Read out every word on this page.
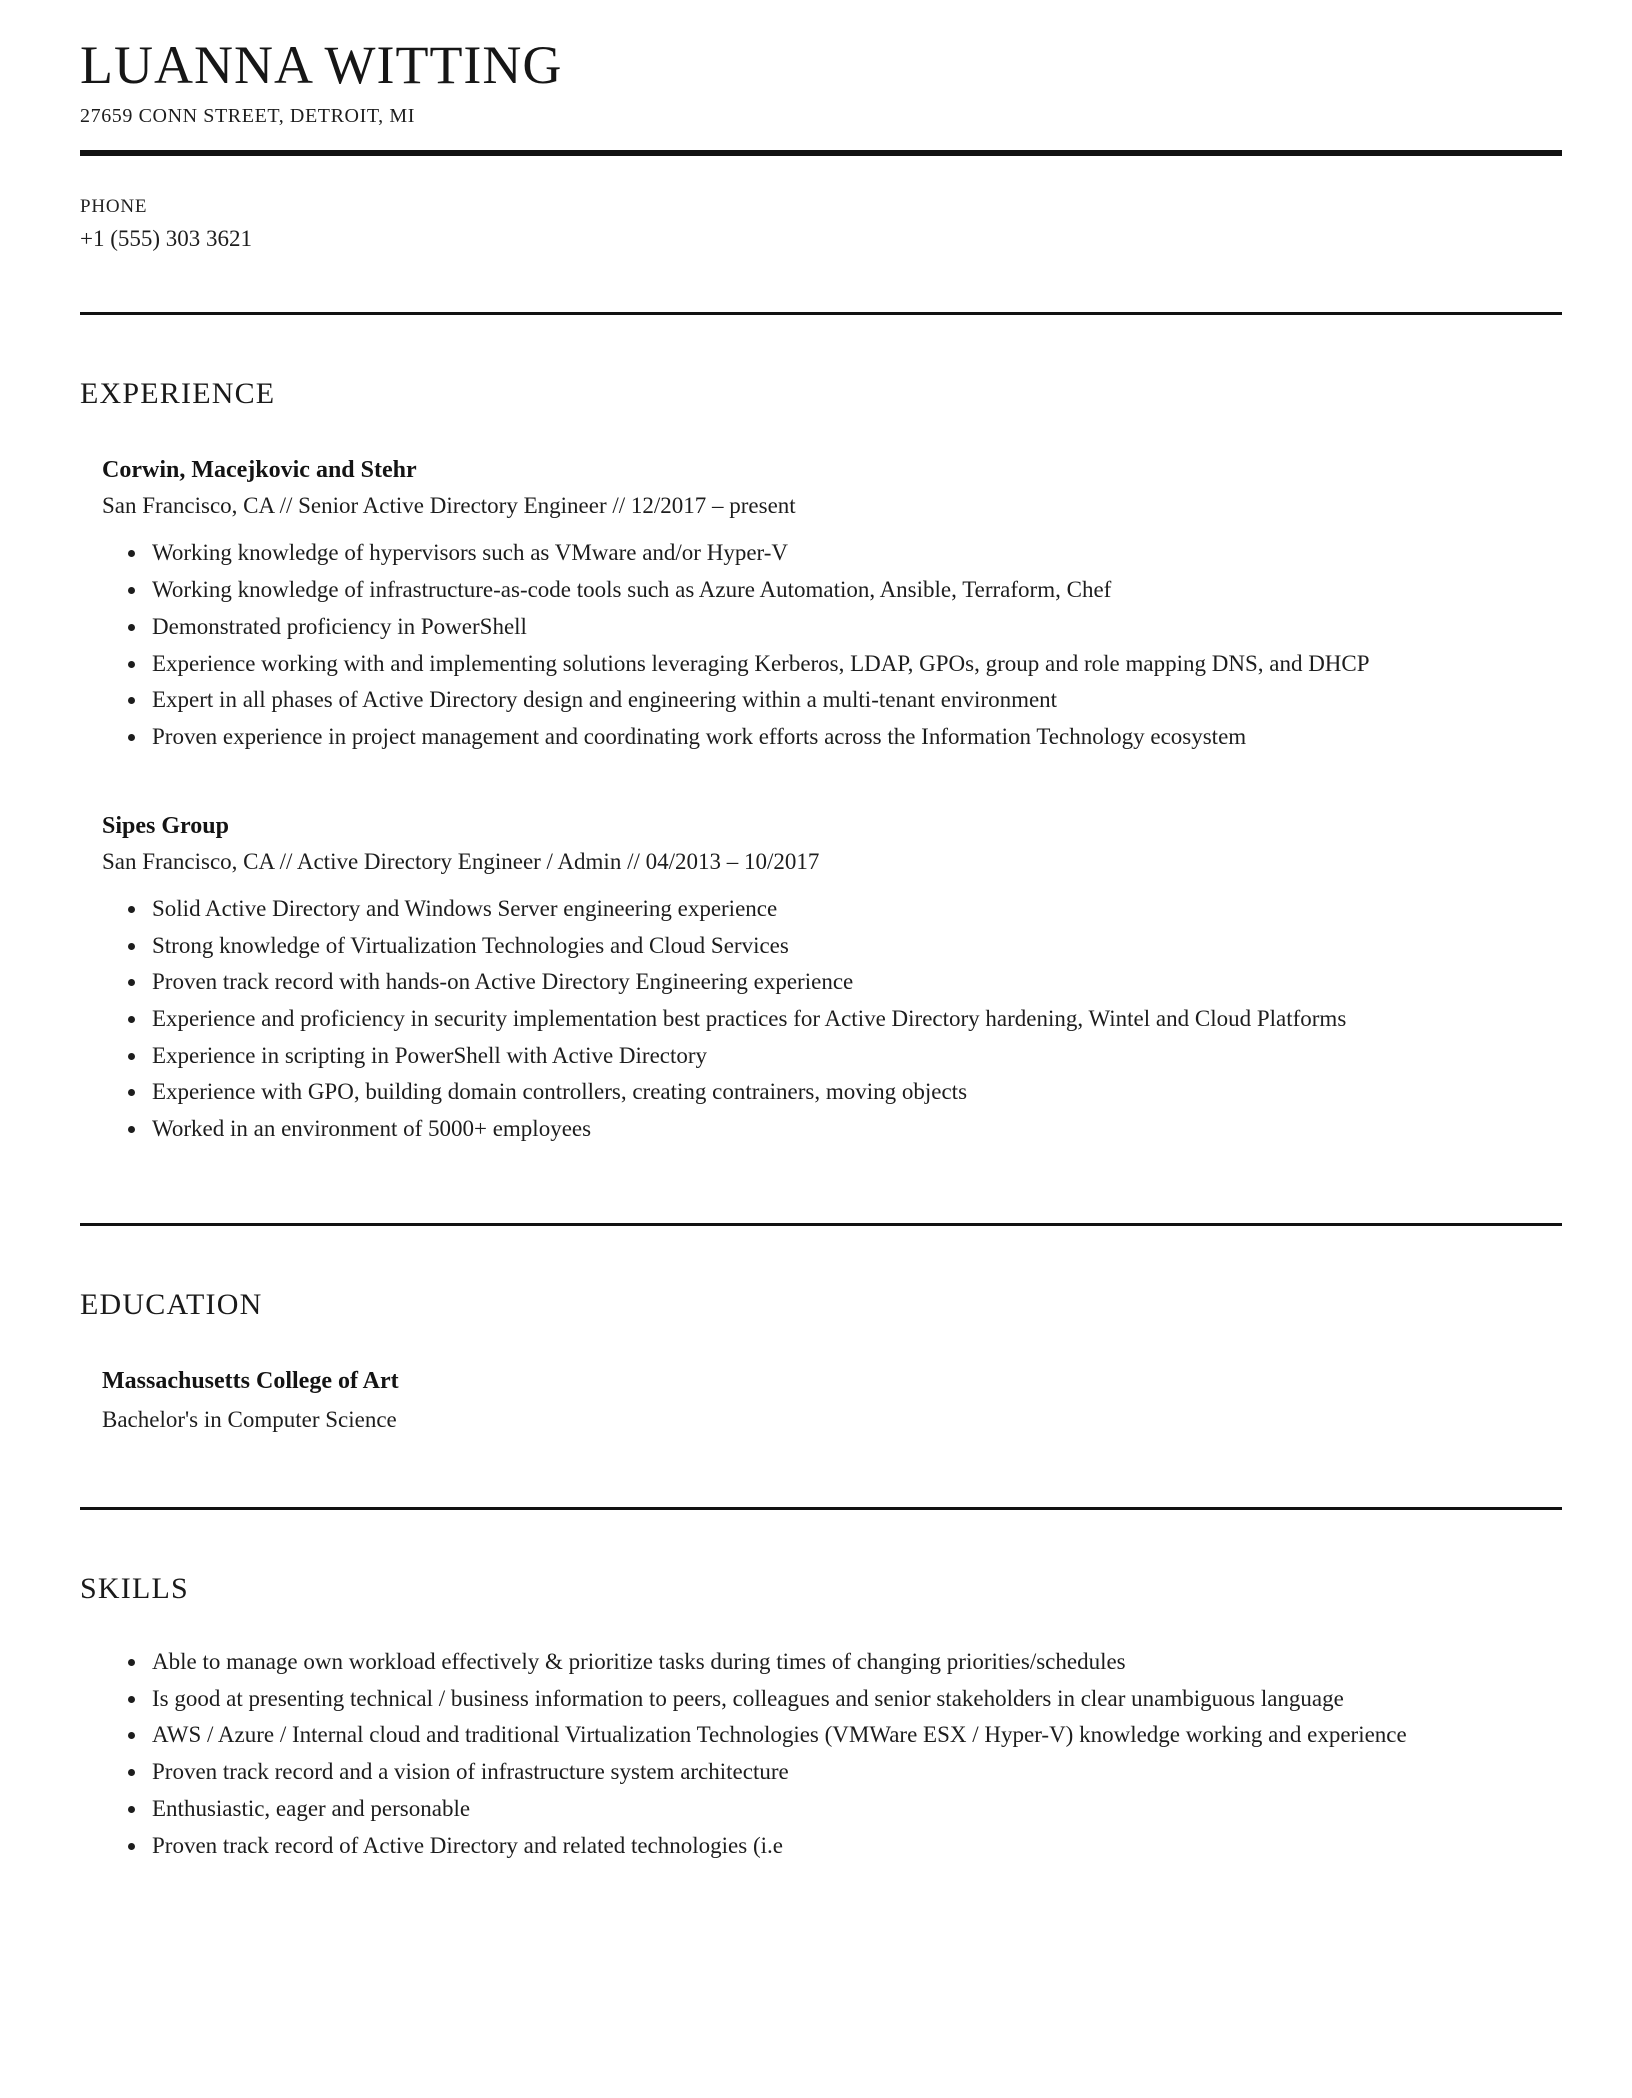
LUANNA WITTING
27659 CONN STREET, DETROIT, MI
PHONE
+1 (555) 303 3621
EXPERIENCE
Corwin, Macejkovic and Stehr
San Francisco, CA // Senior Active Directory Engineer // 12/2017 – present
• Working knowledge of hypervisors such as VMware and/or Hyper-V
• Working knowledge of infrastructure-as-code tools such as Azure Automation, Ansible, Terraform, Chef
• Demonstrated proficiency in PowerShell
• Experience working with and implementing solutions leveraging Kerberos, LDAP, GPOs, group and role mapping DNS, and DHCP
• Expert in all phases of Active Directory design and engineering within a multi-tenant environment
• Proven experience in project management and coordinating work efforts across the Information Technology ecosystem
Sipes Group
San Francisco, CA // Active Directory Engineer / Admin // 04/2013 – 10/2017
• Solid Active Directory and Windows Server engineering experience
• Strong knowledge of Virtualization Technologies and Cloud Services
• Proven track record with hands-on Active Directory Engineering experience
• Experience and proficiency in security implementation best practices for Active Directory hardening, Wintel and Cloud Platforms
• Experience in scripting in PowerShell with Active Directory
• Experience with GPO, building domain controllers, creating contrainers, moving objects
• Worked in an environment of 5000+ employees
EDUCATION
Massachusetts College of Art
Bachelor's in Computer Science
SKILLS
• Able to manage own workload effectively & prioritize tasks during times of changing priorities/schedules
• Is good at presenting technical / business information to peers, colleagues and senior stakeholders in clear unambiguous language
• AWS / Azure / Internal cloud and traditional Virtualization Technologies (VMWare ESX / Hyper-V) knowledge working and experience
• Proven track record and a vision of infrastructure system architecture
• Enthusiastic, eager and personable
• Proven track record of Active Directory and related technologies (i.e
